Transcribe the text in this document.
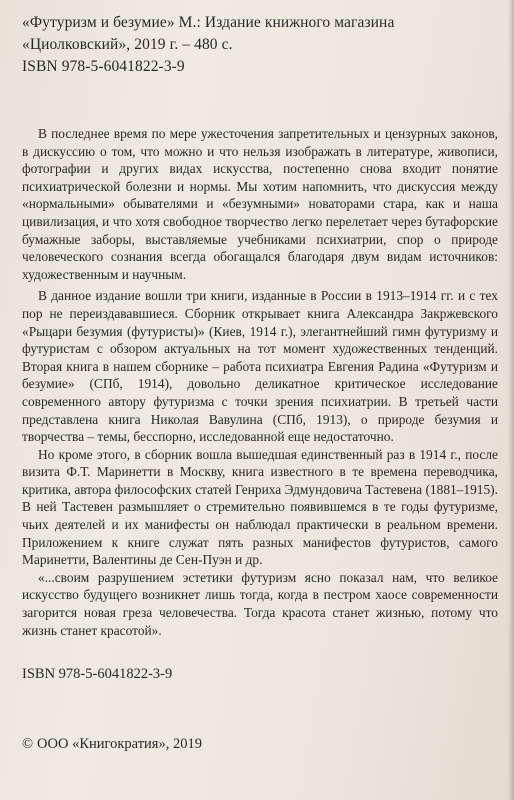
«Футуризм и безумие» М.: Издание книжного магазина
«Циолковский», 2019 г. – 480 с.
ISBN 978-5-6041822-3-9

В последнее время по мере ужесточения запретительных и цензурных законов, в дискуссию о том, что можно и что нельзя изображать в литературе, живописи, фотографии и других видах искусства, постепенно снова входит понятие психиатрической болезни и нормы. Мы хотим напомнить, что дискуссия между «нормальными» обывателями и «безумными» новаторами стара, как и наша цивилизация, и что хотя свободное творчество легко перелетает через бутафорские бумажные заборы, выставляемые учебниками психиатрии, спор о природе человеческого сознания всегда обогащался благодаря двум видам источников: художественным и научным.

В данное издание вошли три книги, изданные в России в 1913–1914 гг. и с тех пор не переиздававшиеся. Сборник открывает книга Александра Закржевского «Рыцари безумия (футуристы)» (Киев, 1914 г.), элегантнейший гимн футуризму и футуристам с обзором актуальных на тот момент художественных тенденций. Вторая книга в нашем сборнике – работа психиатра Евгения Радина «Футуризм и безумие» (СПб, 1914), довольно деликатное критическое исследование современного автору футуризма с точки зрения психиатрии. В третьей части представлена книга Николая Вавулина (СПб, 1913), о природе безумия и творчества – темы, бесспорно, исследованной еще недостаточно.

Но кроме этого, в сборник вошла вышедшая единственный раз в 1914 г., после визита Ф.Т. Маринетти в Москву, книга известного в те времена переводчика, критика, автора философских статей Генриха Эдмундовича Тастевена (1881–1915). В ней Тастевен размышляет о стремительно появившемся в те годы футуризме, чьих деятелей и их манифесты он наблюдал практически в реальном времени. Приложением к книге служат пять разных манифестов футуристов, самого Маринетти, Валентины де Сен-Пуэн и др.

«...своим разрушением эстетики футуризм ясно показал нам, что великое искусство будущего возникнет лишь тогда, когда в пестром хаосе современности загорится новая греза человечества. Тогда красота станет жизнью, потому что жизнь станет красотой».

ISBN 978-5-6041822-3-9
© ООО «Книгократия», 2019
